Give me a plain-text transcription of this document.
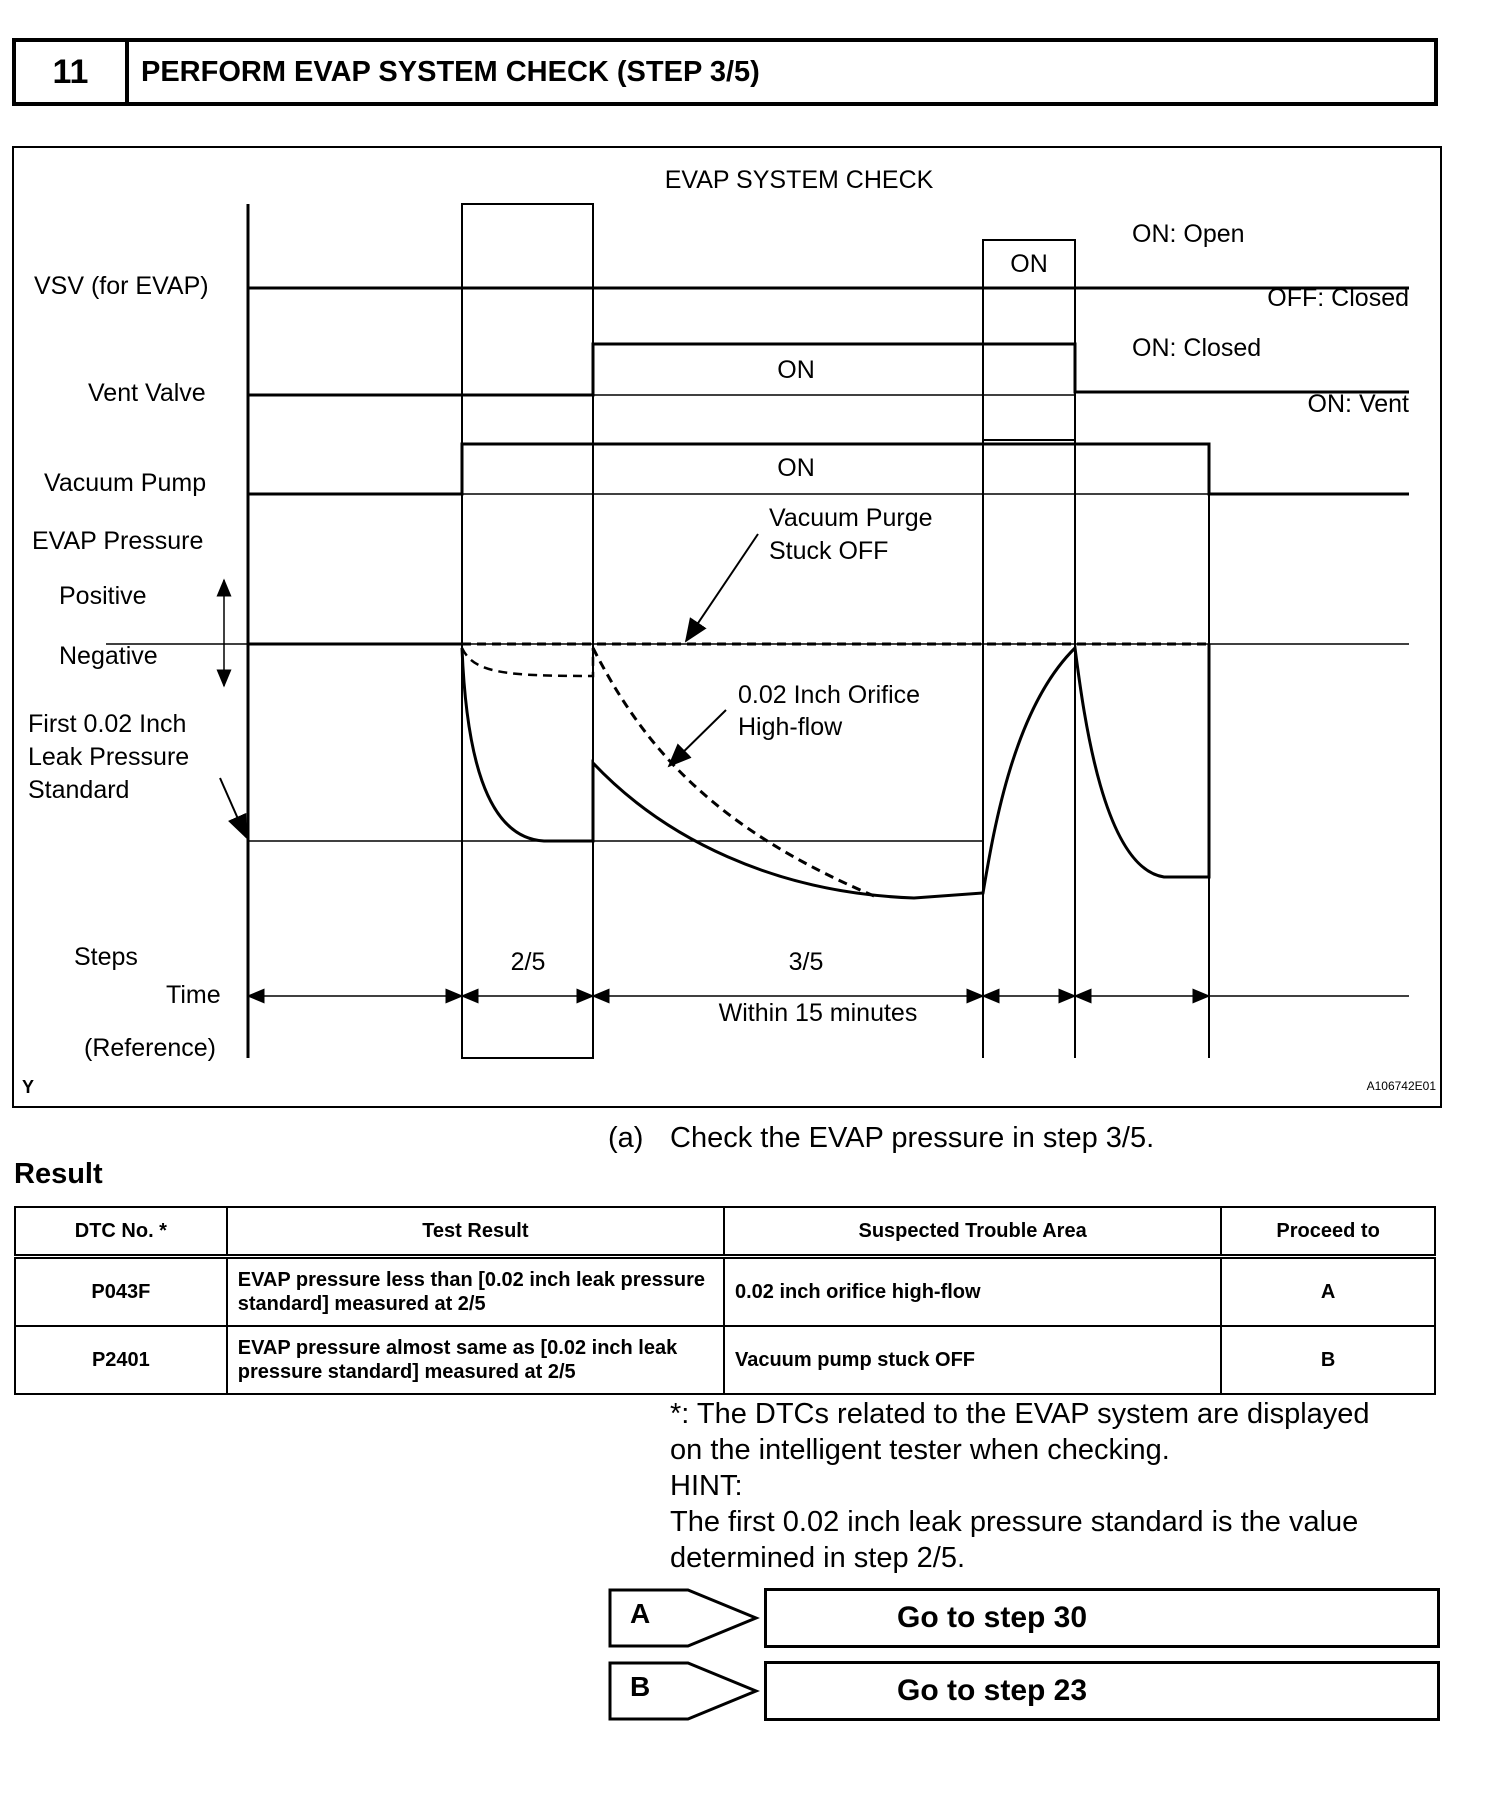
11	PERFORM EVAP SYSTEM CHECK (STEP 3/5)
EVAP SYSTEM CHECK
VSV (for EVAP)
ON
ON: Open
OFF: Closed
Vent Valve
ON
ON: Closed
ON: Vent
Vacuum Pump
ON
EVAP Pressure
Positive
Negative
Vacuum Purge
Stuck OFF
0.02 Inch Orifice
High-flow
First 0.02 Inch
Leak Pressure
Standard
Steps
Time
(Reference)
2/5	3/5
Within 15 minutes
Y	A106742E01
(a) Check the EVAP pressure in step 3/5.
Result
DTC No. *	Test Result	Suspected Trouble Area	Proceed to
P043F	EVAP pressure less than [0.02 inch leak pressure standard] measured at 2/5	0.02 inch orifice high-flow	A
P2401	EVAP pressure almost same as [0.02 inch leak pressure standard] measured at 2/5	Vacuum pump stuck OFF	B
*: The DTCs related to the EVAP system are displayed
on the intelligent tester when checking.
HINT:
The first 0.02 inch leak pressure standard is the value
determined in step 2/5.
A	Go to step 30
B	Go to step 23
